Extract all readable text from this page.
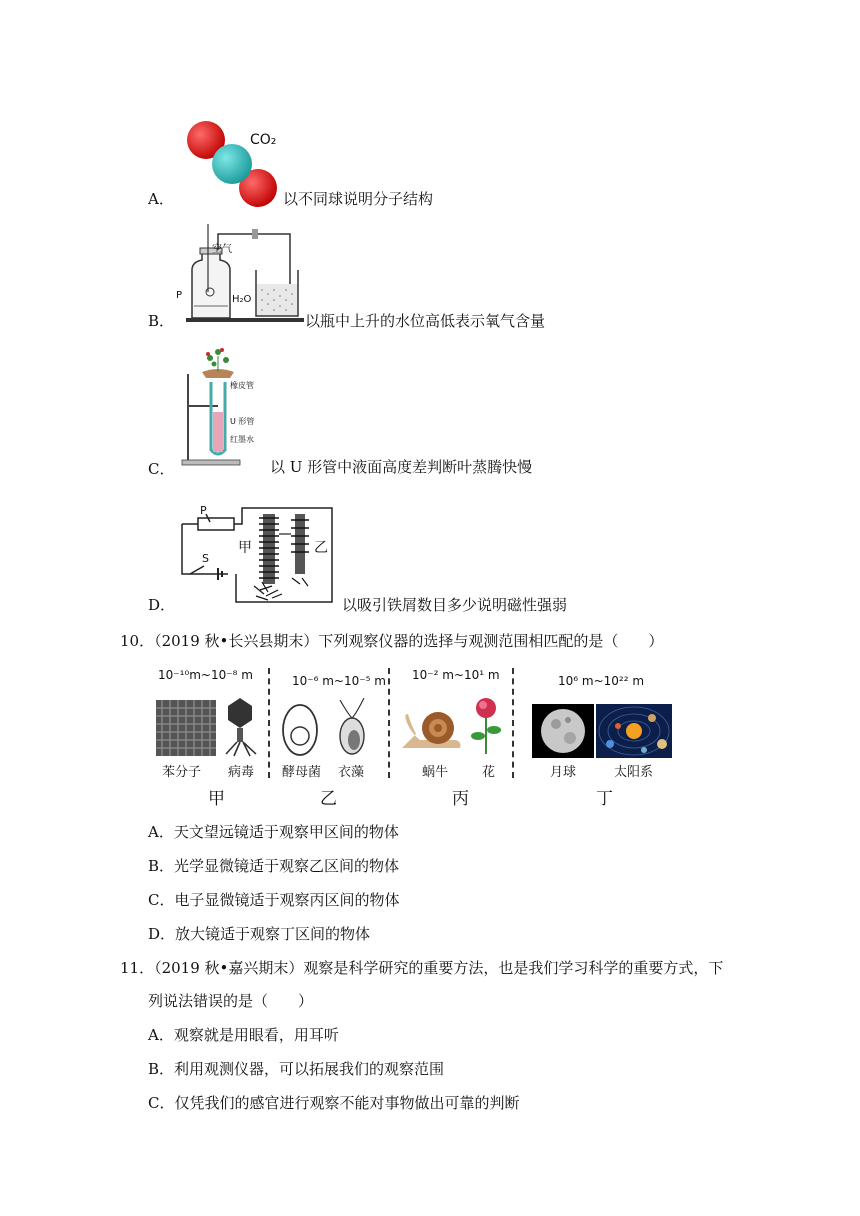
CO₂
A．	以不同球说明分子结构
空气
P	H₂O
B．	以瓶中上升的水位高低表示氧气含量
橡皮管
U 形管
红墨水
C．	以 U 形管中液面高度差判断叶蒸腾快慢
P
S
甲	乙
D．	以吸引铁屑数目多少说明磁性强弱
10．（2019 秋•长兴县期末）下列观察仪器的选择与观测范围相匹配的是（　　）
10⁻¹⁰m~10⁻⁸ m
苯分子 病毒
甲
10⁻⁶ m~10⁻⁵ m
酵母菌 衣藻
乙
10⁻² m~10¹ m
蜗牛	花
丙
10⁶ m~10²² m
月球	太阳系
丁
A．天文望远镜适于观察甲区间的物体
B．光学显微镜适于观察乙区间的物体
C．电子显微镜适于观察丙区间的物体
D．放大镜适于观察丁区间的物体
11．（2019 秋•嘉兴期末）观察是科学研究的重要方法，也是我们学习科学的重要方式，下
列说法错误的是（　　）
A．观察就是用眼看，用耳听
B．利用观测仪器，可以拓展我们的观察范围
C．仅凭我们的感官进行观察不能对事物做出可靠的判断
